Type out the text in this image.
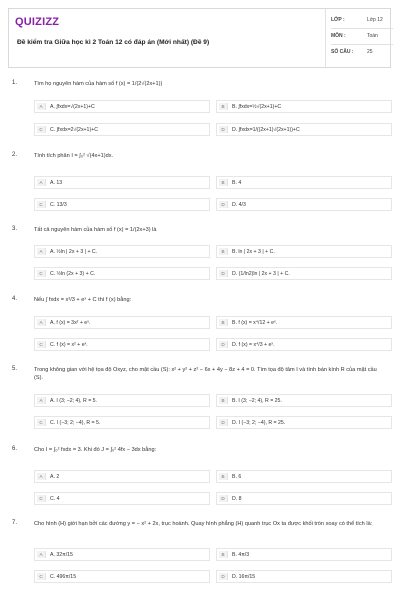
QUIZIZZ
Đề kiểm tra Giữa học kì 2 Toán 12 có đáp án (Mới nhất) (Đề 9)
LỚP :	Lớp 12
MÔN :	Toán
SỐ CÂU :	25
1.	Tìm họ nguyên hàm của hàm số f (x) = 1/(2√(2x+1))
A	A. ∫fxdx=√(2x+1)+C	B	B. ∫fxdx=½√(2x+1)+C
C	C. ∫fxdx=2√(2x+1)+C	D	D. ∫fxdx=1/((2x+1)√(2x+1))+C
2.	Tính tích phân I = ∫₀² √(4x+1)dx.
A	A. 13	B	B. 4
C	C. 13/3	D	D. 4/3
3.	Tất cả nguyên hàm của hàm số f (x) = 1/(2x+3) là
A	A. ½ln | 2x + 3 | + C.	B	B. ln | 2x + 3 | + C.
C	C. ½ln (2x + 3) + C.	D	D. (1/ln2)ln | 2x + 3 | + C.
4.	Nếu ∫ fxdx = x³/3 + eˣ + C thì f (x) bằng:
A	A. f (x) = 3x² + eˣ.	B	B. f (x) = x⁴/12 + eˣ.
C	C. f (x) = x² + eˣ.	D	D. f (x) = x⁴/3 + eˣ.
5.	Trong không gian với hệ tọa độ Oxyz, cho mặt cầu (S): x² + y² + z² − 6x + 4y − 8z + 4 = 0. Tìm tọa độ tâm I và tính bán kính R của mặt cầu (S).
A	A. I (3; −2; 4), R = 5.	B	B. I (3; −2; 4), R = 25.
C	C. I (−3; 2; −4), R = 5.	D	D. I (−3; 2; −4), R = 25.
6.	Cho I = ∫₀² fxdx = 3. Khi đó J = ∫₀² 4fx − 3dx bằng:
A	A. 2	B	B. 6
C	C. 4	D	D. 8
7.	Cho hình (H) giới hạn bởi các đường y = − x² + 2x, trục hoành. Quay hình phẳng (H) quanh trục Ox ta được khối tròn xoay có thể tích là:
A	A. 32π/15	B	B. 4π/3
C	C. 496π/15	D	D. 16π/15
